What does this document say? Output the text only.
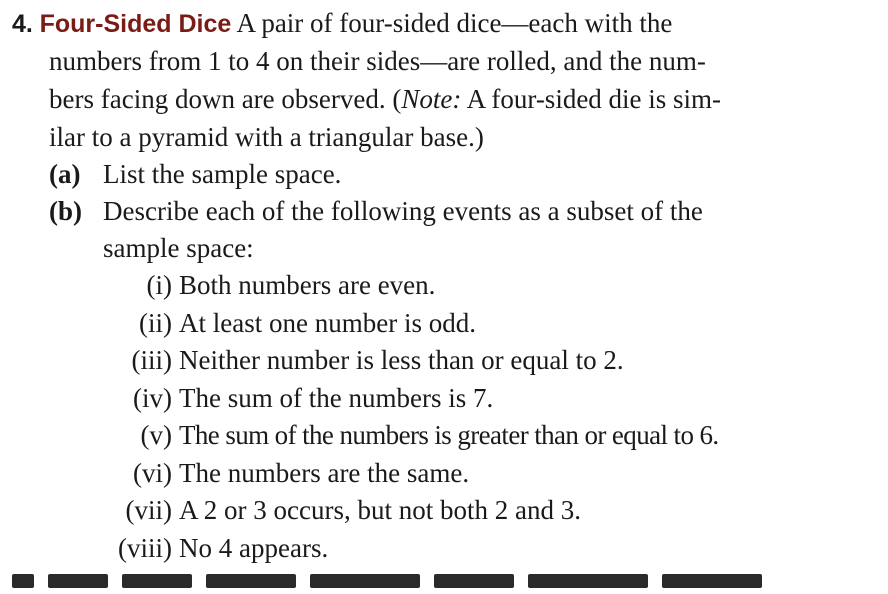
4. Four-Sided Dice A pair of four-sided dice—each with the
numbers from 1 to 4 on their sides—are rolled, and the num-
bers facing down are observed. (Note: A four-sided die is sim-
ilar to a pyramid with a triangular base.)
(a) List the sample space.
(b) Describe each of the following events as a subset of the
sample space:
(i) Both numbers are even.
(ii) At least one number is odd.
(iii) Neither number is less than or equal to 2.
(iv) The sum of the numbers is 7.
(v) The sum of the numbers is greater than or equal to 6.
(vi) The numbers are the same.
(vii) A 2 or 3 occurs, but not both 2 and 3.
(viii) No 4 appears.
